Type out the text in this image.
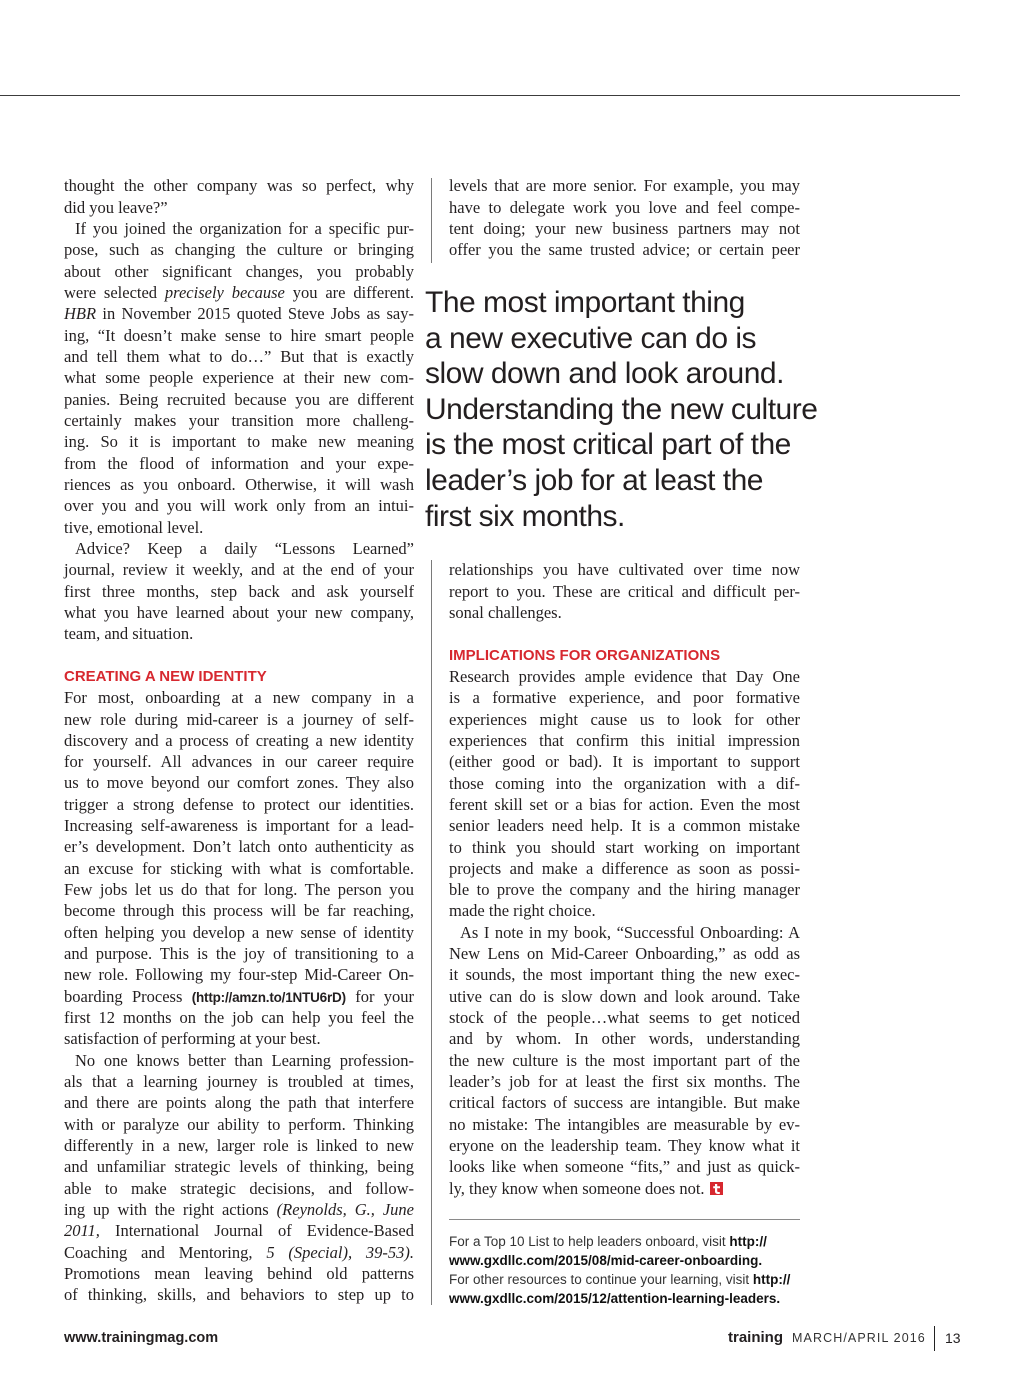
thought the other company was so perfect, why
did you leave?”
If you joined the organization for a specific pur-
pose, such as changing the culture or bringing
about other significant changes, you probably
were selected precisely because you are different.
HBR in November 2015 quoted Steve Jobs as say-
ing, “It doesn’t make sense to hire smart people
and tell them what to do…” But that is exactly
what some people experience at their new com-
panies. Being recruited because you are different
certainly makes your transition more challeng-
ing. So it is important to make new meaning
from the flood of information and your expe-
riences as you onboard. Otherwise, it will wash
over you and you will work only from an intui-
tive, emotional level.
Advice? Keep a daily “Lessons Learned”
journal, review it weekly, and at the end of your
first three months, step back and ask yourself
what you have learned about your new company,
team, and situation.
CREATING A NEW IDENTITY
For most, onboarding at a new company in a
new role during mid-career is a journey of self-
discovery and a process of creating a new identity
for yourself. All advances in our career require
us to move beyond our comfort zones. They also
trigger a strong defense to protect our identities.
Increasing self-awareness is important for a lead-
er’s development. Don’t latch onto authenticity as
an excuse for sticking with what is comfortable.
Few jobs let us do that for long. The person you
become through this process will be far reaching,
often helping you develop a new sense of identity
and purpose. This is the joy of transitioning to a
new role. Following my four-step Mid-Career On-
boarding Process (http://amzn.to/1NTU6rD) for your
first 12 months on the job can help you feel the
satisfaction of performing at your best.
No one knows better than Learning profession-
als that a learning journey is troubled at times,
and there are points along the path that interfere
with or paralyze our ability to perform. Thinking
differently in a new, larger role is linked to new
and unfamiliar strategic levels of thinking, being
able to make strategic decisions, and follow-
ing up with the right actions (Reynolds, G., June
2011, International Journal of Evidence-Based
Coaching and Mentoring, 5 (Special), 39-53).
Promotions mean leaving behind old patterns
of thinking, skills, and behaviors to step up to
levels that are more senior. For example, you may
have to delegate work you love and feel compe-
tent doing; your new business partners may not
offer you the same trusted advice; or certain peer
The most important thing
a new executive can do is
slow down and look around.
Understanding the new culture
is the most critical part of the
leader’s job for at least the
first six months.
relationships you have cultivated over time now
report to you. These are critical and difficult per-
sonal challenges.
IMPLICATIONS FOR ORGANIZATIONS
Research provides ample evidence that Day One
is a formative experience, and poor formative
experiences might cause us to look for other
experiences that confirm this initial impression
(either good or bad). It is important to support
those coming into the organization with a dif-
ferent skill set or a bias for action. Even the most
senior leaders need help. It is a common mistake
to think you should start working on important
projects and make a difference as soon as possi-
ble to prove the company and the hiring manager
made the right choice.
As I note in my book, “Successful Onboarding: A
New Lens on Mid-Career Onboarding,” as odd as
it sounds, the most important thing the new exec-
utive can do is slow down and look around. Take
stock of the people…what seems to get noticed
and by whom. In other words, understanding
the new culture is the most important part of the
leader’s job for at least the first six months. The
critical factors of success are intangible. But make
no mistake: The intangibles are measurable by ev-
eryone on the leadership team. They know what it
looks like when someone “fits,” and just as quick-
ly, they know when someone does not.
For a Top 10 List to help leaders onboard, visit http://
www.gxdllc.com/2015/08/mid-career-onboarding.
For other resources to continue your learning, visit http://
www.gxdllc.com/2015/12/attention-learning-leaders.
www.trainingmag.com	training MARCH/APRIL 2016 13
